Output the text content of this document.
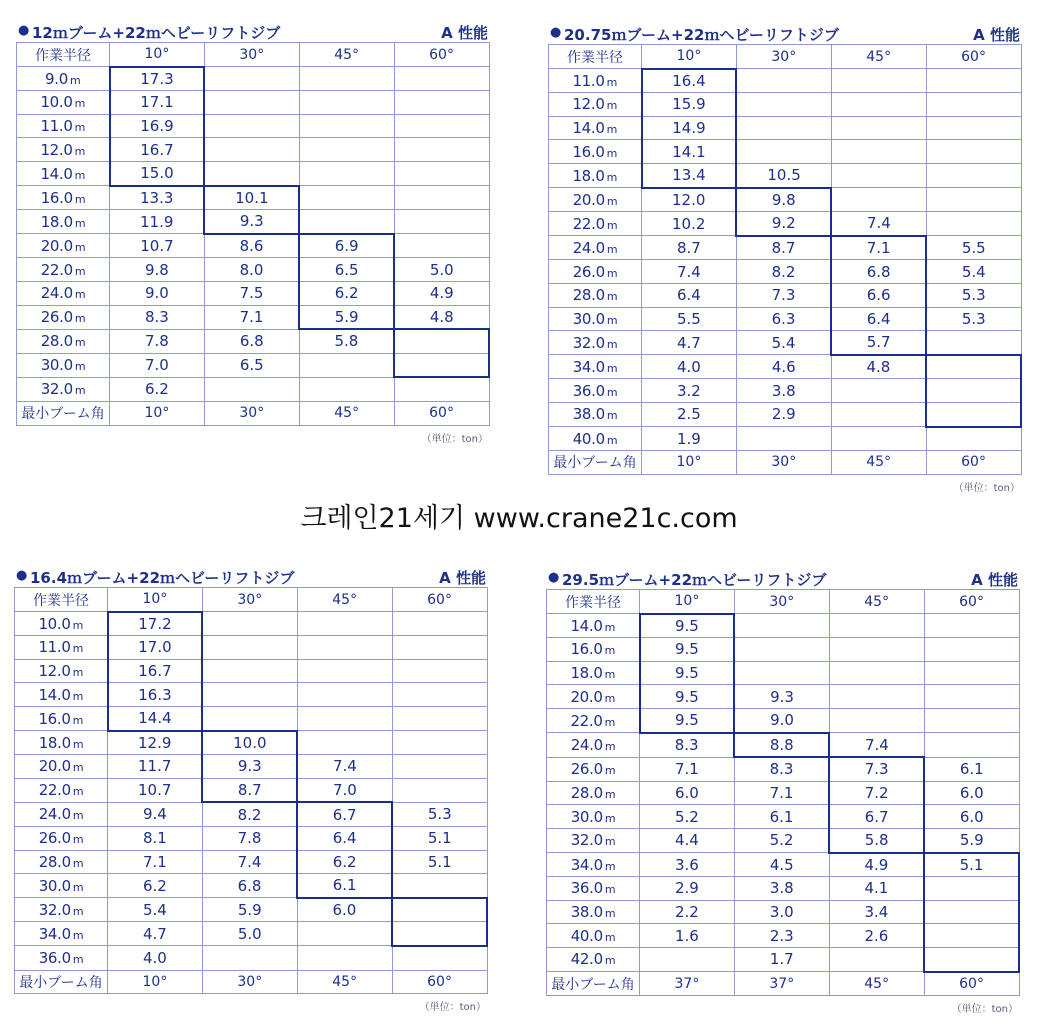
● 12ｍブーム+22ｍヘビーリフトジブ	A 性能
作業半径	10°	30°	45°	60°
9.0 m	17.3			
10.0 m	17.1			
11.0 m	16.9			
12.0 m	16.7			
14.0 m	15.0			
16.0 m	13.3	10.1		
18.0 m	11.9	9.3		
20.0 m	10.7	8.6	6.9	
22.0 m	9.8	8.0	6.5	5.0
24.0 m	9.0	7.5	6.2	4.9
26.0 m	8.3	7.1	5.9	4.8
28.0 m	7.8	6.8	5.8	
30.0 m	7.0	6.5		
32.0 m	6.2			
最小ブーム角	10°	30°	45°	60°
（単位：ton）
● 20.75ｍブーム+22ｍヘビーリフトジブ	A 性能
作業半径	10°	30°	45°	60°
11.0 m	16.4			
12.0 m	15.9			
14.0 m	14.9			
16.0 m	14.1			
18.0 m	13.4	10.5		
20.0 m	12.0	9.8		
22.0 m	10.2	9.2	7.4	
24.0 m	8.7	8.7	7.1	5.5
26.0 m	7.4	8.2	6.8	5.4
28.0 m	6.4	7.3	6.6	5.3
30.0 m	5.5	6.3	6.4	5.3
32.0 m	4.7	5.4	5.7	
34.0 m	4.0	4.6	4.8	
36.0 m	3.2	3.8		
38.0 m	2.5	2.9		
40.0 m	1.9			
最小ブーム角	10°	30°	45°	60°
（単位：ton）
● 16.4ｍブーム+22ｍヘビーリフトジブ	A 性能
作業半径	10°	30°	45°	60°
10.0 m	17.2			
11.0 m	17.0			
12.0 m	16.7			
14.0 m	16.3			
16.0 m	14.4			
18.0 m	12.9	10.0		
20.0 m	11.7	9.3	7.4	
22.0 m	10.7	8.7	7.0	
24.0 m	9.4	8.2	6.7	5.3
26.0 m	8.1	7.8	6.4	5.1
28.0 m	7.1	7.4	6.2	5.1
30.0 m	6.2	6.8	6.1	
32.0 m	5.4	5.9	6.0	
34.0 m	4.7	5.0		
36.0 m	4.0			
最小ブーム角	10°	30°	45°	60°
（単位：ton）
● 29.5ｍブーム+22ｍヘビーリフトジブ	A 性能
作業半径	10°	30°	45°	60°
14.0 m	9.5			
16.0 m	9.5			
18.0 m	9.5			
20.0 m	9.5	9.3		
22.0 m	9.5	9.0		
24.0 m	8.3	8.8	7.4	
26.0 m	7.1	8.3	7.3	6.1
28.0 m	6.0	7.1	7.2	6.0
30.0 m	5.2	6.1	6.7	6.0
32.0 m	4.4	5.2	5.8	5.9
34.0 m	3.6	4.5	4.9	5.1
36.0 m	2.9	3.8	4.1	
38.0 m	2.2	3.0	3.4	
40.0 m	1.6	2.3	2.6	
42.0 m		1.7		
最小ブーム角	37°	37°	45°	60°
（単位：ton）
크레인21세기 www.crane21c.com
